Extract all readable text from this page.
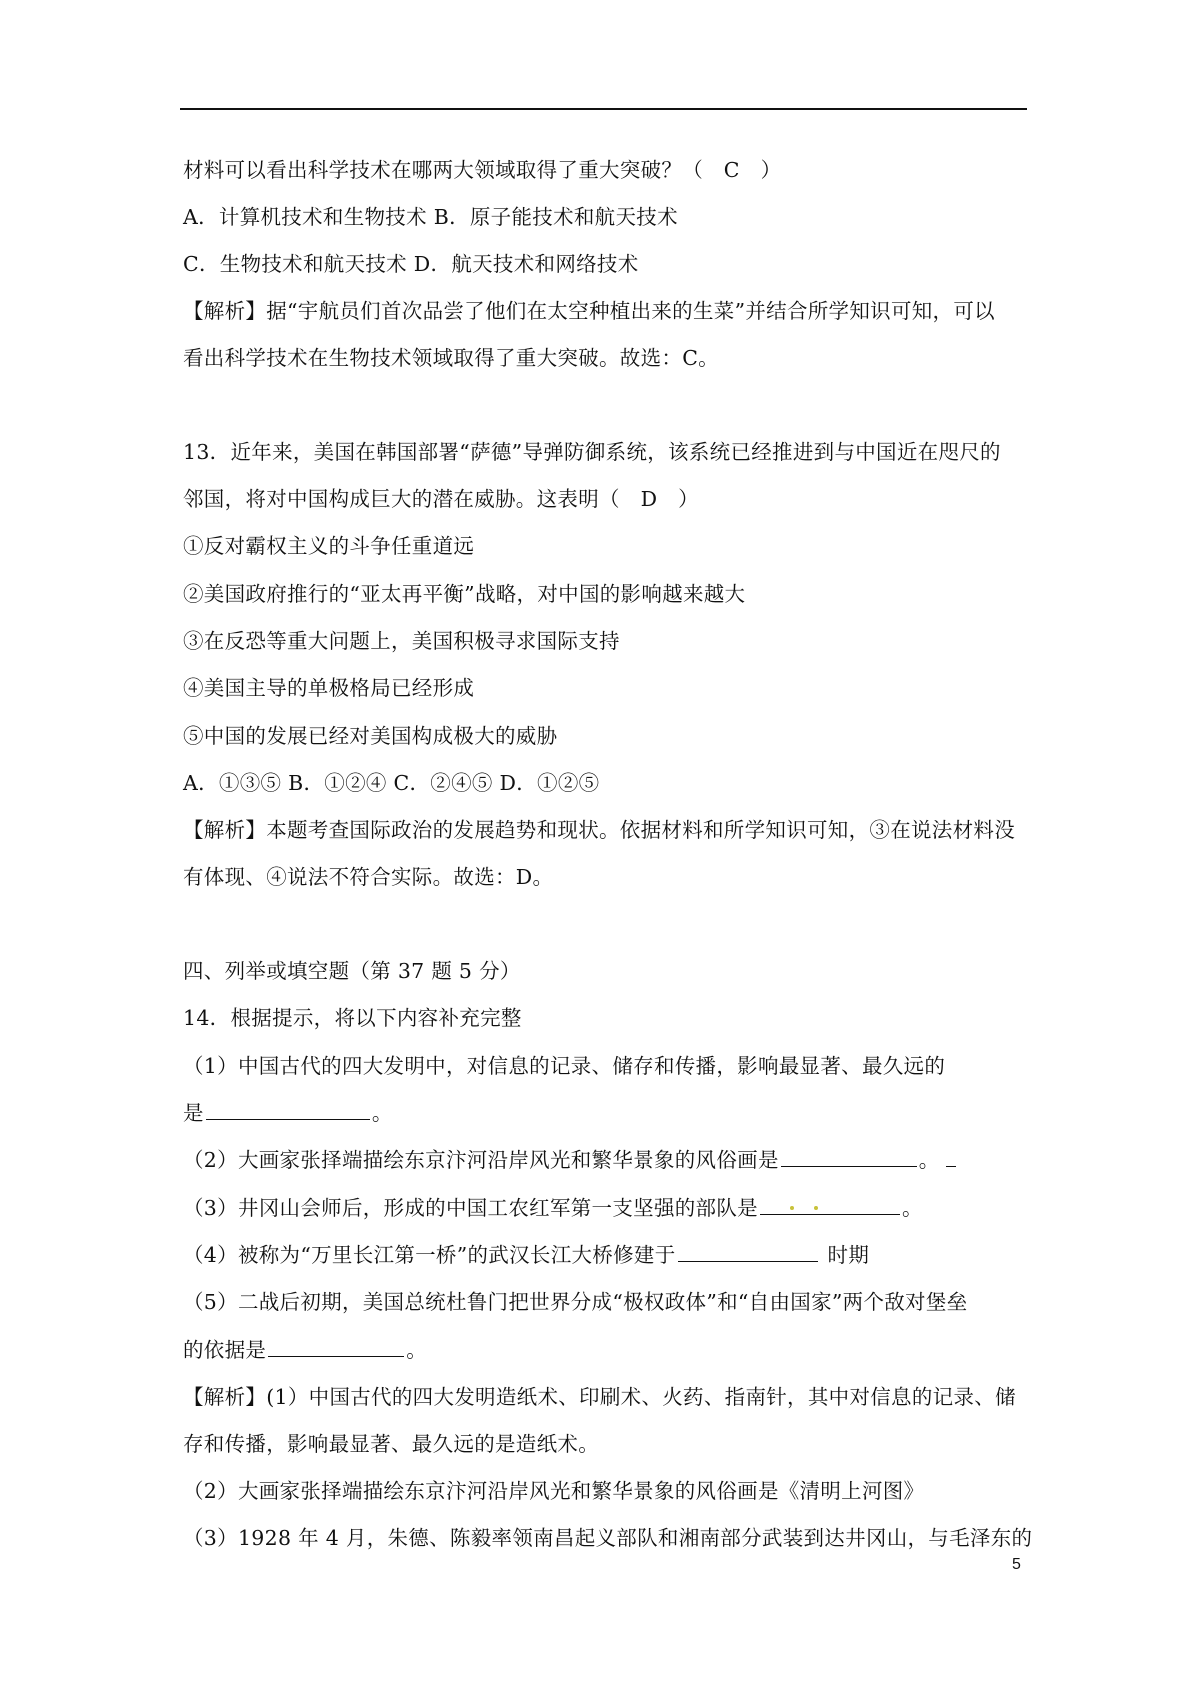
材料可以看出科学技术在哪两大领域取得了重大突破？（　C　）
A．计算机技术和生物技术 B．原子能技术和航天技术
C．生物技术和航天技术 D．航天技术和网络技术
【解析】据“宇航员们首次品尝了他们在太空种植出来的生菜”并结合所学知识可知，可以
看出科学技术在生物技术领域取得了重大突破。故选：C。
13．近年来，美国在韩国部署“萨德”导弹防御系统，该系统已经推进到与中国近在咫尺的
邻国，将对中国构成巨大的潜在威胁。这表明（　D　）
①反对霸权主义的斗争任重道远
②美国政府推行的“亚太再平衡”战略，对中国的影响越来越大
③在反恐等重大问题上，美国积极寻求国际支持
④美国主导的单极格局已经形成
⑤中国的发展已经对美国构成极大的威胁
A．①③⑤ B．①②④ C．②④⑤ D．①②⑤
【解析】本题考查国际政治的发展趋势和现状。依据材料和所学知识可知，③在说法材料没
有体现、④说法不符合实际。故选：D。
四、列举或填空题（第 37 题 5 分）
14．根据提示，将以下内容补充完整
（1）中国古代的四大发明中，对信息的记录、储存和传播，影响最显著、最久远的
是	。
（2）大画家张择端描绘东京汴河沿岸风光和繁华景象的风俗画是	。
（3）井冈山会师后，形成的中国工农红军第一支坚强的部队是	。
（4）被称为“万里长江第一桥”的武汉长江大桥修建于	时期
（5）二战后初期，美国总统杜鲁门把世界分成“极权政体”和“自由国家”两个敌对堡垒
的依据是	。
【解析】(1）中国古代的四大发明造纸术、印刷术、火药、指南针，其中对信息的记录、储
存和传播，影响最显著、最久远的是造纸术。
（2）大画家张择端描绘东京汴河沿岸风光和繁华景象的风俗画是《清明上河图》
（3）1928 年 4 月，朱德、陈毅率领南昌起义部队和湘南部分武装到达井冈山，与毛泽东的
5
